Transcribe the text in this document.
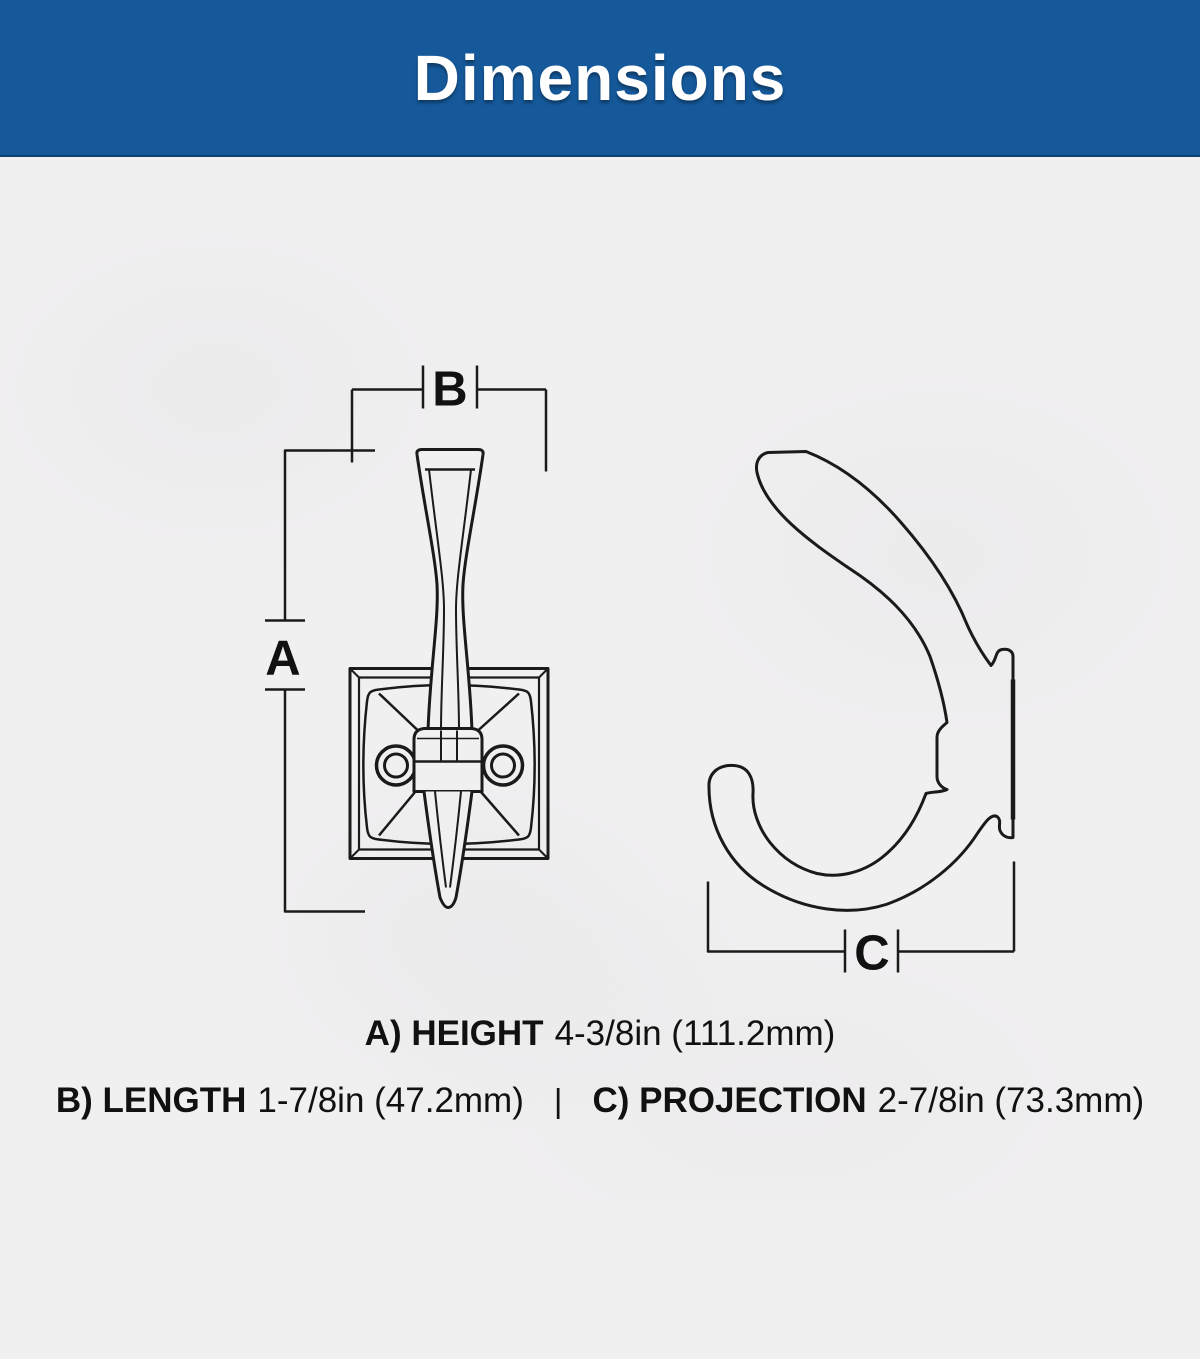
Dimensions
A
B
C
A) HEIGHT 4-3/8in (111.2mm)
B) LENGTH 1-7/8in (47.2mm) | C) PROJECTION 2-7/8in (73.3mm)
